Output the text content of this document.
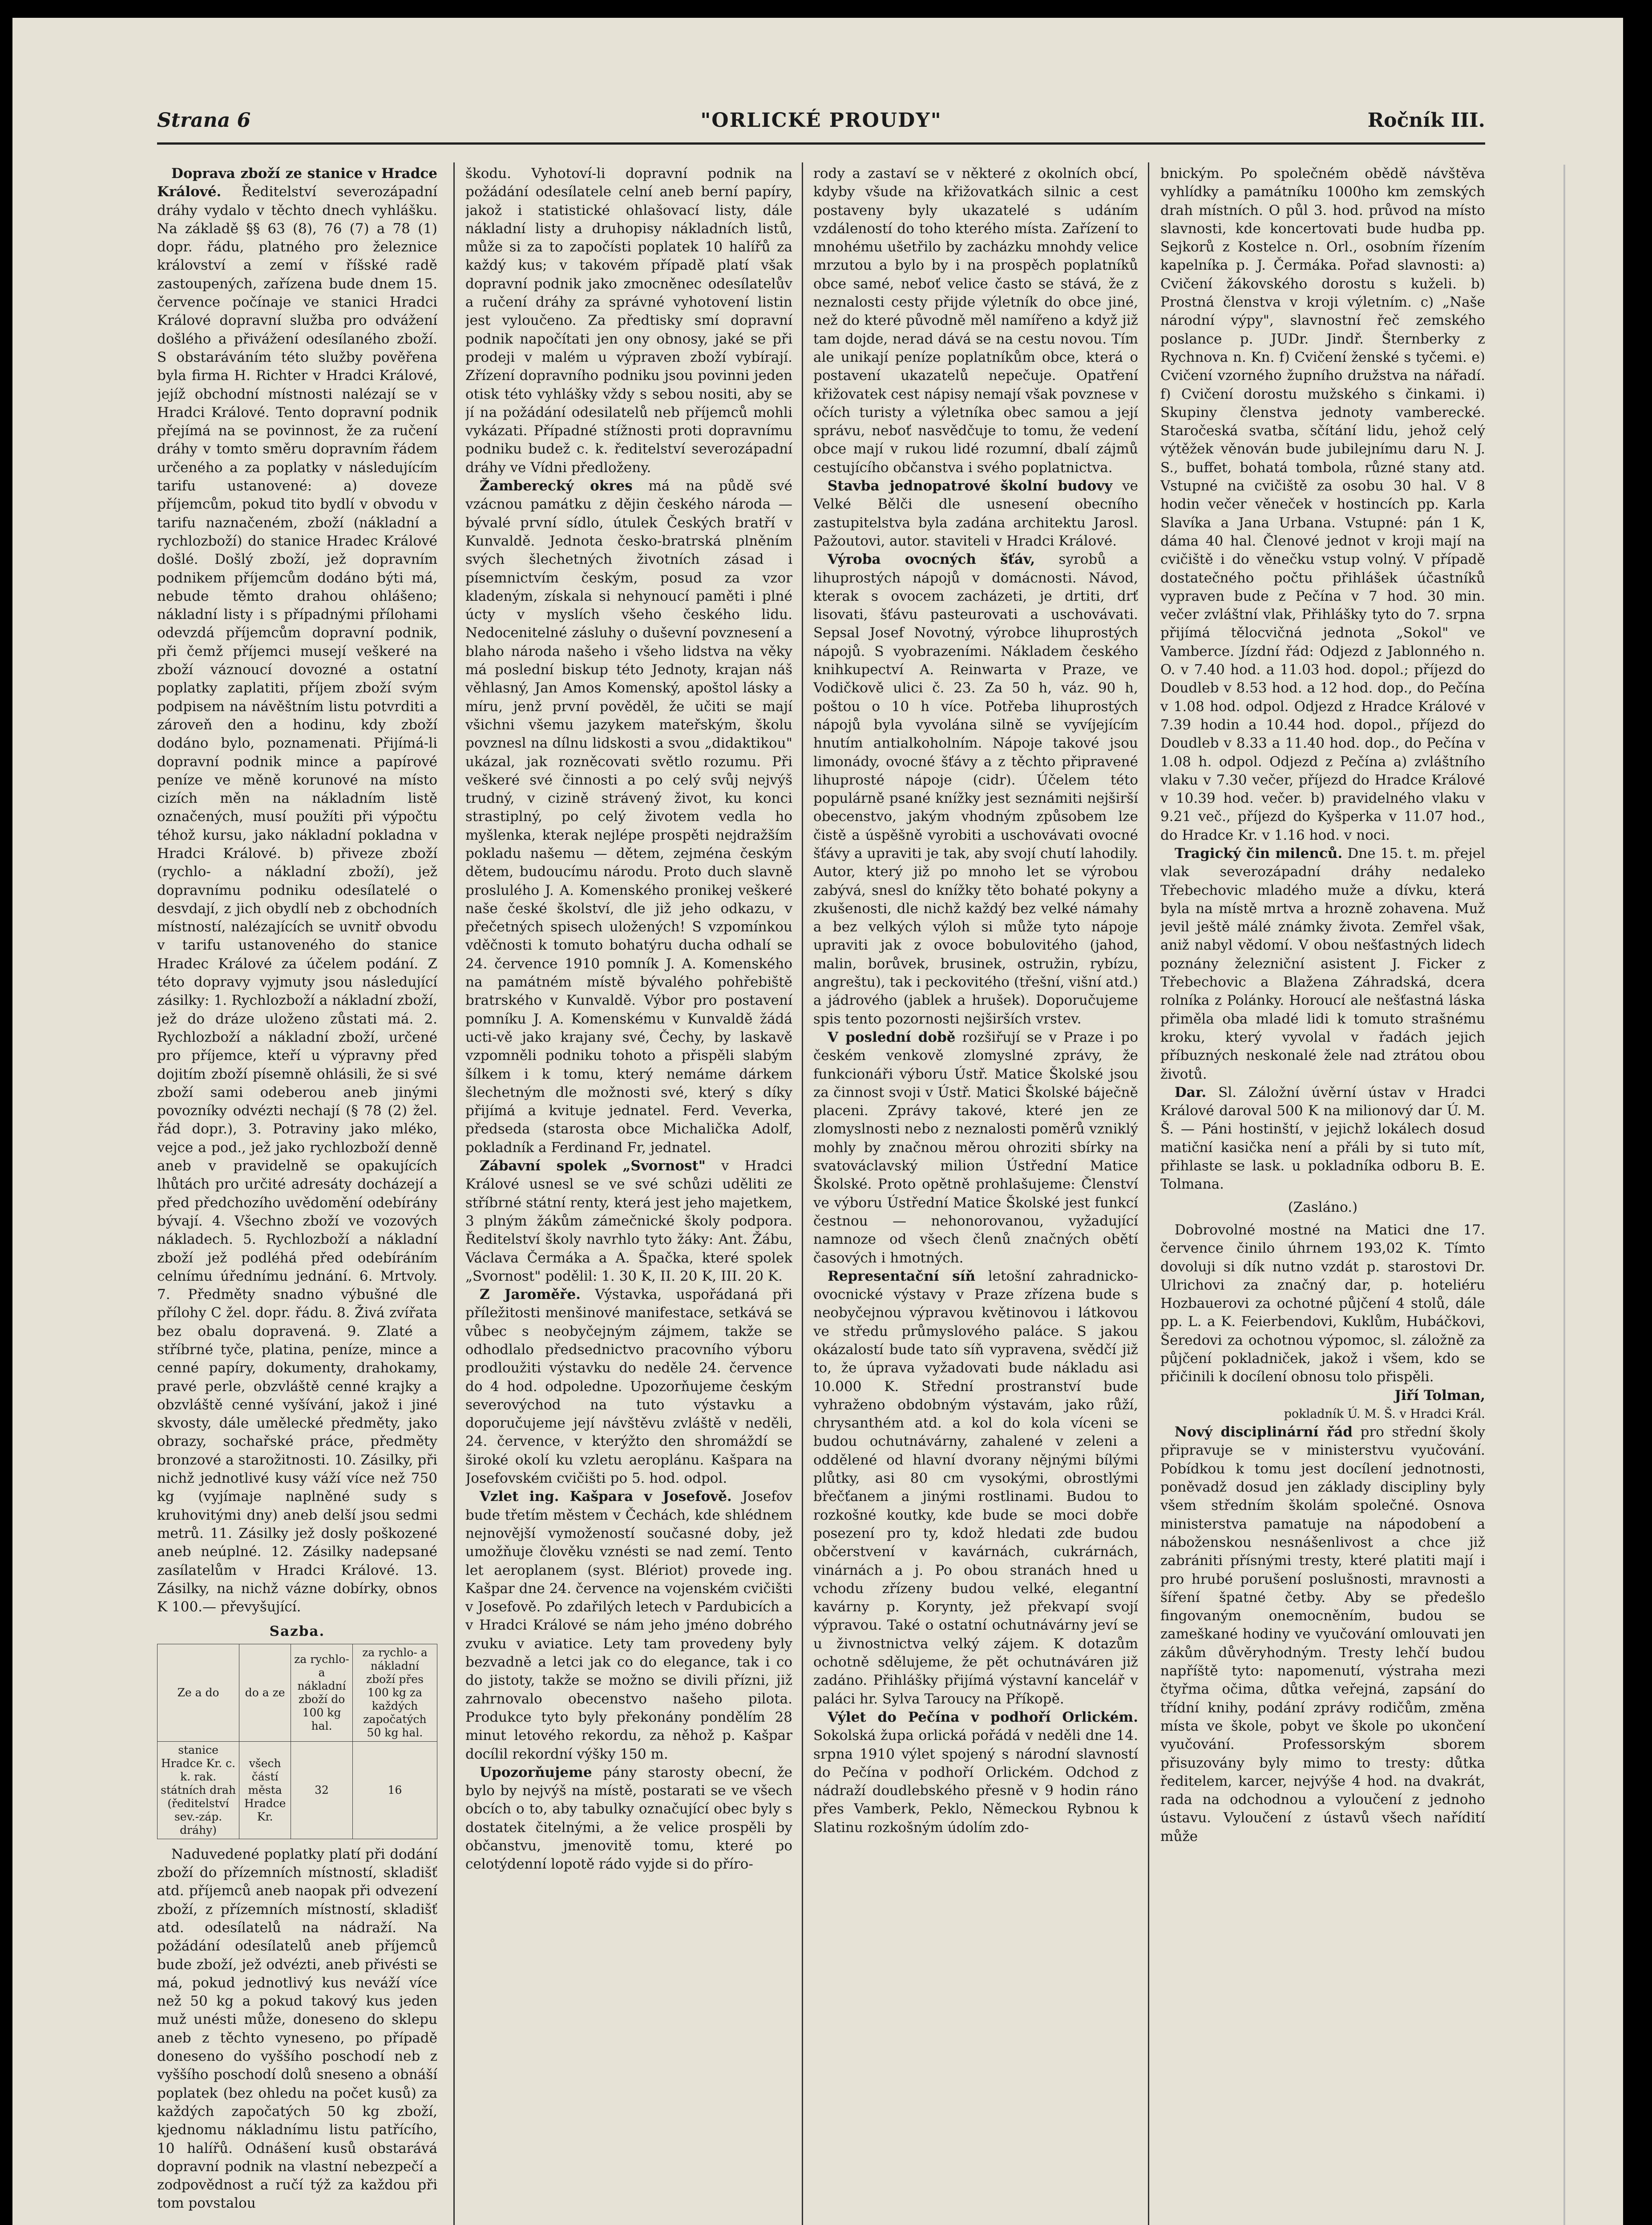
Strana 6	"ORLICKÉ PROUDY"	Ročník III.

Doprava zboží ze stanice v Hradce Králové. Ředitelství severozápadní dráhy vydalo v těchto dnech vyhlášku. Na základě §§ 63 (8), 76 (7) a 78 (1) dopr. řádu, platného pro železnice království a zemí v říšské radě zastoupených, zařízena bude dnem 15. července počínaje ve stanici Hradci Králové dopravní služba pro odvážení došlého a přivážení odesílaného zboží. S obstaráváním této služby pověřena byla firma H. Richter v Hradci Králové, jejíž obchodní místnosti nalézají se v Hradci Králové. Tento dopravní podnik přejímá na se povinnost, že za ručení dráhy v tomto směru dopravním řádem určeného a za poplatky v následujícím tarifu ustanovené: a) doveze příjemcům, pokud tito bydlí v obvodu v tarifu naznačeném, zboží (nákladní a rychlozboží) do stanice Hradec Králové došlé. Došlý zboží, jež dopravním podnikem příjemcům dodáno býti má, nebude těmto drahou ohlášeno; nákladní listy i s případnými přílohami odevzdá příjemcům dopravní podnik, při čemž příjemci musejí veškeré na zboží váznoucí dovozné a ostatní poplatky zaplatiti, příjem zboží svým podpisem na návěštním listu potvrditi a zároveň den a hodinu, kdy zboží dodáno bylo, poznamenati. Přijímá-li dopravní podnik mince a papírové peníze ve měně korunové na místo cizích měn na nákladním listě označených, musí použíti při výpočtu téhož kursu, jako nákladní pokladna v Hradci Králové. b) přiveze zboží (rychlo- a nákladní zboží), jež dopravnímu podniku odesílatelé o desvdají, z jich obydlí neb z obchodních místností, nalézajících se uvnitř obvodu v tarifu ustanoveného do stanice Hradec Králové za účelem podání. Z této dopravy vyjmuty jsou následující zásilky: 1. Rychlozboží a nákladní zboží, jež do dráze uloženo zůstati má. 2. Rychlozboží a nákladní zboží, určené pro příjemce, kteří u výpravny před dojitím zboží písemně ohlásili, že si své zboží sami odeberou aneb jinými povozníky odvézti nechají (§ 78 (2) žel. řád dopr.), 3. Potraviny jako mléko, vejce a pod., jež jako rychlozboží denně aneb v pravidelně se opakujících lhůtách pro určité adresáty docházejí a před předchozího uvědomění odebírány bývají. 4. Všechno zboží ve vozových nákladech. 5. Rychlozboží a nákladní zboží jež podléhá před odebíráním celnímu úřednímu jednání. 6. Mrtvoly. 7. Předměty snadno výbušné dle přílohy C žel. dopr. řádu. 8. Živá zvířata bez obalu dopravená. 9. Zlaté a stříbrné tyče, platina, peníze, mince a cenné papíry, dokumenty, drahokamy, pravé perle, obzvláště cenné krajky a obzvláště cenné vyšívání, jakož i jiné skvosty, dále umělecké předměty, jako obrazy, sochařské práce, předměty bronzové a starožitnosti. 10. Zásilky, při nichž jednotlivé kusy váží více než 750 kg (vyjímaje naplněné sudy s kruhovitými dny) aneb delší jsou sedmi metrů. 11. Zásilky jež dosly poškozené aneb neúplné. 12. Zásilky nadepsané zasílatelům v Hradci Králové. 13. Zásilky, na nichž vázne dobírky, obnos K 100.— převyšující.

Sazba.
Ze a do	do a ze	za rychlo- a nákladní zboží do 100 kg hal.	za rychlo- a nákladní zboží přes 100 kg za každých započatých 50 kg hal.
stanice Hradce Kr. c. k. rak. státních drah (ředitelství sev.-záp. dráhy)	všech částí města Hradce Kr.	32	16

Naduvedené poplatky platí při dodání zboží do přízemních místností, skladišť atd. příjemců aneb naopak při odvezení zboží, z přízemních místností, skladišť atd. odesílatelů na nádraží. Na požádání odesílatelů aneb příjemců bude zboží, jež odvézti, aneb přivésti se má, pokud jednotlivý kus neváží více než 50 kg a pokud takový kus jeden muž unésti může, doneseno do sklepu aneb z těchto vyneseno, po případě doneseno do vyššího poschodí neb z vyššího poschodí dolů sneseno a obnáší poplatek (bez ohledu na počet kusů) za každých započatých 50 kg zboží, kjednomu nákladnímu listu patřícího, 10 halířů. Odnášení kusů obstarává dopravní podnik na vlastní nebezpečí a zodpovědnost a ručí týž za každou při tom povstalou

škodu. Vyhotoví-li dopravní podnik na požádání odesílatele celní aneb berní papíry, jakož i statistické ohlašovací listy, dále nákladní listy a druhopisy nákladních listů, může si za to započísti poplatek 10 halířů za každý kus; v takovém případě platí však dopravní podnik jako zmocněnec odesílatelův a ručení dráhy za správné vyhotovení listin jest vyloučeno. Za předtisky smí dopravní podnik napočítati jen ony obnosy, jaké se při prodeji v malém u výpraven zboží vybírají. Zřízení dopravního podniku jsou povinni jeden otisk této vyhlášky vždy s sebou nositi, aby se jí na požádání odesilatelů neb příjemců mohli vykázati. Případné stížnosti proti dopravnímu podniku budež c. k. ředitelství severozápadní dráhy ve Vídni předloženy.

Žamberecký okres má na půdě své vzácnou památku z dějin českého národa — bývalé první sídlo, útulek Českých bratří v Kunvaldě. Jednota česko-bratrská plněním svých šlechetných životních zásad i písemnictvím českým, posud za vzor kladeným, získala si nehynoucí paměti i plné úcty v myslích všeho českého lidu. Nedocenitelné zásluhy o duševní povznesení a blaho národa našeho i všeho lidstva na věky má poslední biskup této Jednoty, krajan náš věhlasný, Jan Amos Komenský, apoštol lásky a míru, jenž první pověděl, že učiti se mají všichni všemu jazykem mateřským, školu povznesl na dílnu lidskosti a svou „didaktikou" ukázal, jak rozněcovati světlo rozumu. Při veškeré své činnosti a po celý svůj nejvýš trudný, v cizině strávený život, ku konci strastiplný, po celý životem vedla ho myšlenka, kterak nejlépe prospěti nejdražším pokladu našemu — dětem, zejména českým dětem, budoucímu národu. Proto duch slavně proslulého J. A. Komenského pronikej veškeré naše české školství, dle již jeho odkazu, v přečetných spisech uložených! S vzpomínkou vděčnosti k tomuto bohatýru ducha odhalí se 24. července 1910 pomník J. A. Komenského na památném místě bývalého pohřebiště bratrského v Kunvaldě. Výbor pro postavení pomníku J. A. Komenskému v Kunvaldě žádá ucti-vě jako krajany své, Čechy, by laskavě vzpomněli podniku tohoto a přispěli slabým šílkem i k tomu, který nemáme dárkem šlechetným dle možnosti své, který s díky přijímá a kvituje jednatel. Ferd. Veverka, předseda (starosta obce Michalička Adolf, pokladník a Ferdinand Fr, jednatel.

Zábavní spolek „Svornost" v Hradci Králové usnesl se ve své schůzi uděliti ze stříbrné státní renty, která jest jeho majetkem, 3 plným žákům zámečnické školy podpora. Ředitelství školy navrhlo tyto žáky: Ant. Žábu, Václava Čermáka a A. Špačka, které spolek „Svornost" podělil: 1. 30 K, II. 20 K, III. 20 K.

Z Jaroměře. Výstavka, uspořádaná při příležitosti menšinové manifestace, setkává se vůbec s neobyčejným zájmem, takže se odhodlalo předsednictvo pracovního výboru prodloužiti výstavku do neděle 24. července do 4 hod. odpoledne. Upozorňujeme českým severovýchod na tuto výstavku a doporučujeme její návštěvu zvláště v neděli, 24. července, v kterýžto den shromáždí se široké okolí ku vzletu aeroplánu. Kašpara na Josefovském cvičišti po 5. hod. odpol.

Vzlet ing. Kašpara v Josefově. Josefov bude třetím městem v Čechách, kde shlédnem nejnovější vymožeností současné doby, jež umožňuje člověku vznésti se nad zemí. Tento let aeroplanem (syst. Blériot) provede ing. Kašpar dne 24. července na vojenském cvičišti v Josefově. Po zdařilých letech v Pardubicích a v Hradci Králové se nám jeho jméno dobrého zvuku v aviatice. Lety tam provedeny byly bezvadně a letci jak co do elegance, tak i co do jistoty, takže se možno se divili přízni, již zahrnovalo obecenstvo našeho pilota. Produkce tyto byly překonány pondělím 28 minut letového rekordu, za něhož p. Kašpar docílil rekordní výšky 150 m.

Upozorňujeme pány starosty obecní, že bylo by nejvýš na místě, postarati se ve všech obcích o to, aby tabulky označující obec byly s dostatek čitelnými, a že velice prospěli by občanstvu, jmenovitě tomu, které po celotýdenní lopotě rádo vyjde si do příro-

rody a zastaví se v některé z okolních obcí, kdyby všude na křižovatkách silnic a cest postaveny byly ukazatelé s udáním vzdáleností do toho kterého místa. Zařízení to mnohému ušetřilo by zacházku mnohdy velice mrzutou a bylo by i na prospěch poplatníků obce samé, neboť velice často se stává, že z neznalosti cesty přijde výletník do obce jiné, než do které původně měl namířeno a když již tam dojde, nerad dává se na cestu novou. Tím ale unikají peníze poplatníkům obce, která o postavení ukazatelů nepečuje. Opatření křižovatek cest nápisy nemají však povznese v očích turisty a výletníka obec samou a její správu, neboť nasvědčuje to tomu, že vedení obce mají v rukou lidé rozumní, dbalí zájmů cestujícího občanstva i svého poplatnictva.

Stavba jednopatrové školní budovy ve Velké Bělči dle usnesení obecního zastupitelstva byla zadána architektu Jarosl. Pažoutovi, autor. staviteli v Hradci Králové.

Výroba ovocných šťáv, syrobů a lihuprostých nápojů v domácnosti. Návod, kterak s ovocem zacházeti, je drtiti, drť lisovati, šťávu pasteurovati a uschovávati. Sepsal Josef Novotný, výrobce lihuprostých nápojů. S vyobrazeními. Nákladem českého knihkupectví A. Reinwarta v Praze, ve Vodičkově ulici č. 23. Za 50 h, váz. 90 h, poštou o 10 h více. Potřeba lihuprostých nápojů byla vyvolána silně se vyvíjejícím hnutím antialkoholním. Nápoje takové jsou limonády, ovocné šťávy a z těchto připravené lihuprosté nápoje (cidr). Účelem této populárně psané knížky jest seznámiti nejširší obecenstvo, jakým vhodným způsobem lze čistě a úspěšně vyrobiti a uschovávati ovocné šťávy a upraviti je tak, aby svojí chutí lahodily. Autor, který již po mnoho let se výrobou zabývá, snesl do knížky těto bohaté pokyny a zkušenosti, dle nichž každý bez velké námahy a bez velkých výloh si může tyto nápoje upraviti jak z ovoce bobulovitého (jahod, malin, borůvek, brusinek, ostružin, rybízu, angreštu), tak i peckovitého (třešní, višní atd.) a jádrového (jablek a hrušek). Doporučujeme spis tento pozornosti nejširších vrstev.

V poslední době rozšiřují se v Praze i po českém venkově zlomyslné zprávy, že funkcionáři výboru Ústř. Matice Školské jsou za činnost svoji v Ústř. Matici Školské báječně placeni. Zprávy takové, které jen ze zlomyslnosti nebo z neznalosti poměrů vzniklý mohly by značnou měrou ohroziti sbírky na svatováclavský milion Ústřední Matice Školské. Proto opětně prohlašujeme: Členství ve výboru Ústřední Matice Školské jest funkcí čestnou — nehonorovanou, vyžadující namnoze od všech členů značných obětí časových i hmotných.

Representační síň letošní zahradnicko-ovocnické výstavy v Praze zřízena bude s neobyčejnou výpravou květinovou i látkovou ve středu průmyslového paláce. S jakou okázalostí bude tato síň vypravena, svědčí již to, že úprava vyžadovati bude nákladu asi 10.000 K. Střední prostranství bude vyhraženo obdobným výstavám, jako růží, chrysanthém atd. a kol do kola víceni se budou ochutnávárny, zahalené v zeleni a oddělené od hlavní dvorany nějnými bílými plůtky, asi 80 cm vysokými, obrostlými břečťanem a jinými rostlinami. Budou to rozkošné koutky, kde bude se moci dobře posezení pro ty, kdož hledati zde budou občerstvení v kavárnách, cukrárnách, vinárnách a j. Po obou stranách hned u vchodu zřízeny budou velké, elegantní kavárny p. Korynty, jež překvapí svojí výpravou. Také o ostatní ochutnávárny jeví se u živnostnictva velký zájem. K dotazům ochotně sdělujeme, že pět ochutnáváren již zadáno. Přihlášky přijímá výstavní kancelář v paláci hr. Sylva Taroucy na Příkopě.

Výlet do Pečína v podhoří Orlickém. Sokolská župa orlická pořádá v neděli dne 14. srpna 1910 výlet spojený s národní slavností do Pečína v podhoří Orlickém. Odchod z nádraží doudlebského přesně v 9 hodin ráno přes Vamberk, Peklo, Německou Rybnou k Slatinu rozkošným údolím zdo-

bnickým. Po společném obědě návštěva vyhlídky a památníku 1000ho km zemských drah místních. O půl 3. hod. průvod na místo slavnosti, kde koncertovati bude hudba pp. Sejkorů z Kostelce n. Orl., osobním řízením kapelníka p. J. Čermáka. Pořad slavnosti: a) Cvičení žákovského dorostu s kuželi. b) Prostná členstva v kroji výletním. c) „Naše národní výpy", slavnostní řeč zemského poslance p. JUDr. Jindř. Šternberky z Rychnova n. Kn. f) Cvičení ženské s tyčemi. e) Cvičení vzorného župního družstva na nářadí. f) Cvičení dorostu mužského s činkami. i) Skupiny členstva jednoty vamberecké. Staročeská svatba, sčítání lidu, jehož celý výtěžek věnován bude jubilejnímu daru N. J. S., buffet, bohatá tombola, různé stany atd. Vstupné na cvičiště za osobu 30 hal. V 8 hodin večer věneček v hostincích pp. Karla Slavíka a Jana Urbana. Vstupné: pán 1 K, dáma 40 hal. Členové jednot v kroji mají na cvičiště i do věnečku vstup volný. V případě dostatečného počtu přihlášek účastníků vypraven bude z Pečína v 7 hod. 30 min. večer zvláštní vlak, Přihlášky tyto do 7. srpna přijímá tělocvičná jednota „Sokol" ve Vamberce. Jízdní řád: Odjezd z Jablonného n. O. v 7.40 hod. a 11.03 hod. dopol.; příjezd do Doudleb v 8.53 hod. a 12 hod. dop., do Pečína v 1.08 hod. odpol. Odjezd z Hradce Králové v 7.39 hodin a 10.44 hod. dopol., příjezd do Doudleb v 8.33 a 11.40 hod. dop., do Pečína v 1.08 h. odpol. Odjezd z Pečína a) zvláštního vlaku v 7.30 večer, příjezd do Hradce Králové v 10.39 hod. večer. b) pravidelného vlaku v 9.21 več., příjezd do Kyšperka v 11.07 hod., do Hradce Kr. v 1.16 hod. v noci.

Tragický čin milenců. Dne 15. t. m. přejel vlak severozápadní dráhy nedaleko Třebechovic mladého muže a dívku, která byla na místě mrtva a hrozně zohavena. Muž jevil ještě málé známky života. Zemřel však, aniž nabyl vědomí. V obou nešťastných lidech poznány železniční asistent J. Ficker z Třebechovic a Blažena Záhradská, dcera rolníka z Polánky. Horoucí ale nešťastná láska přiměla oba mladé lidi k tomuto strašnému kroku, který vyvolal v řadách jejich příbuzných neskonalé žele nad ztrátou obou životů.

Dar. Sl. Záložní úvěrní ústav v Hradci Králové daroval 500 K na milionový dar Ú. M. Š. — Páni hostinští, v jejichž lokálech dosud matiční kasička není a přáli by si tuto mít, přihlaste se lask. u pokladníka odboru B. E. Tolmana.

(Zasláno.)

Dobrovolné mostné na Matici dne 17. července činilo úhrnem 193,02 K. Tímto dovoluji si dík nutno vzdát p. starostovi Dr. Ulrichovi za značný dar, p. hoteliéru Hozbauerovi za ochotné půjčení 4 stolů, dále pp. L. a K. Feierbendovi, Kuklům, Hubáčkovi, Šeredovi za ochotnou výpomoc, sl. záložně za půjčení pokladniček, jakož i všem, kdo se přičinili k docílení obnosu tolo přispěli.

Jiří Tolman,

pokladník Ú. M. Š. v Hradci Král.

Nový disciplinární řád pro střední školy připravuje se v ministerstvu vyučování. Pobídkou k tomu jest docílení jednotnosti, poněvadž dosud jen základy discipliny byly všem středním školám společné. Osnova ministerstva pamatuje na nápodobení a náboženskou nesnášenlivost a chce již zabrániti přísnými tresty, které platiti mají i pro hrubé porušení poslušnosti, mravnosti a šíření špatné četby. Aby se předešlo fingovaným onemocněním, budou se zameškané hodiny ve vyučování omlouvati jen zákům důvěryhodným. Tresty lehčí budou napříště tyto: napomenutí, výstraha mezi čtyřma očima, důtka veřejná, zapsání do třídní knihy, podání zprávy rodičům, změna místa ve škole, pobyt ve škole po ukončení vyučování. Professorským sborem přisuzovány byly mimo to tresty: důtka ředitelem, karcer, nejvýše 4 hod. na dvakrát, rada na odchodnou a vyloučení z jednoho ústavu. Vyloučení z ústavů všech nařídití může
